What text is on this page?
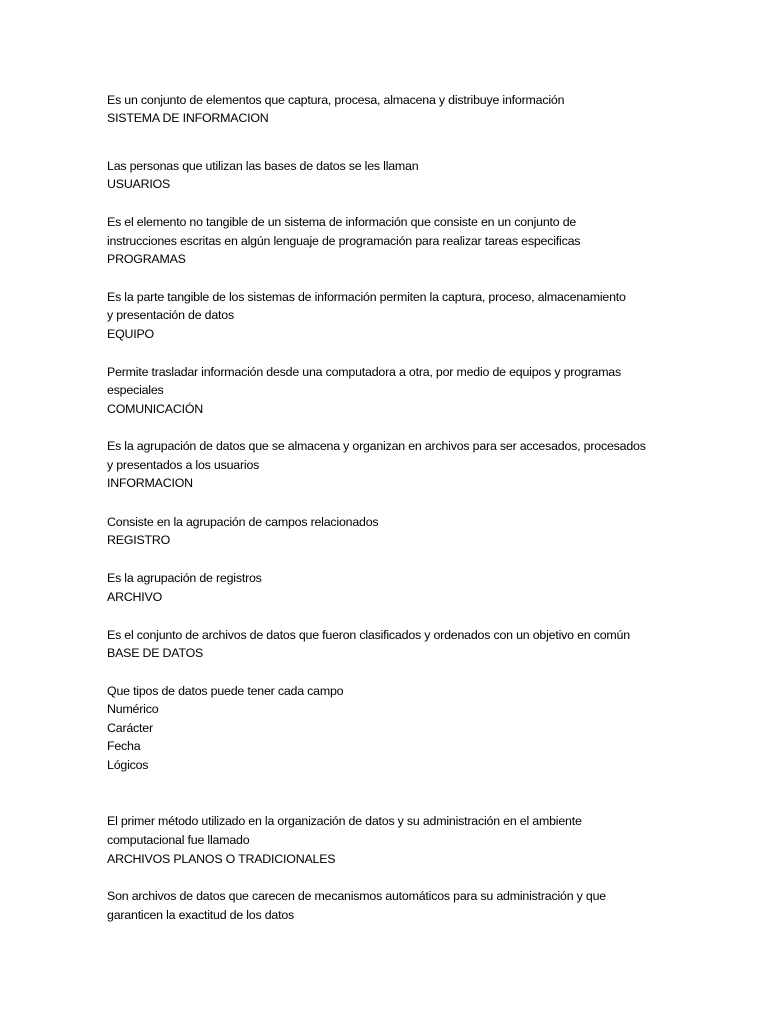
Es un conjunto de elementos que captura, procesa, almacena y distribuye información
SISTEMA DE INFORMACION
Las personas que utilizan las bases de datos se les llaman
USUARIOS
Es el elemento no tangible de un sistema de información que consiste en un conjunto de
instrucciones escritas en algún lenguaje de programación para realizar tareas especificas
PROGRAMAS
Es la parte tangible de los sistemas de información permiten la captura, proceso, almacenamiento
y presentación de datos
EQUIPO
Permite trasladar información desde una computadora a otra, por medio de equipos y programas
especiales
COMUNICACIÓN
Es la agrupación de datos que se almacena y organizan en archivos para ser accesados, procesados
y presentados a los usuarios
INFORMACION
Consiste en la agrupación de campos relacionados
REGISTRO
Es la agrupación de registros
ARCHIVO
Es el conjunto de archivos de datos que fueron clasificados y ordenados con un objetivo en común
BASE DE DATOS
Que tipos de datos puede tener cada campo
Numérico
Carácter
Fecha
Lógicos
El primer método utilizado en la organización de datos y su administración en el ambiente
computacional fue llamado
ARCHIVOS PLANOS O TRADICIONALES
Son archivos de datos que carecen de mecanismos automáticos para su administración y que
garanticen la exactitud de los datos
